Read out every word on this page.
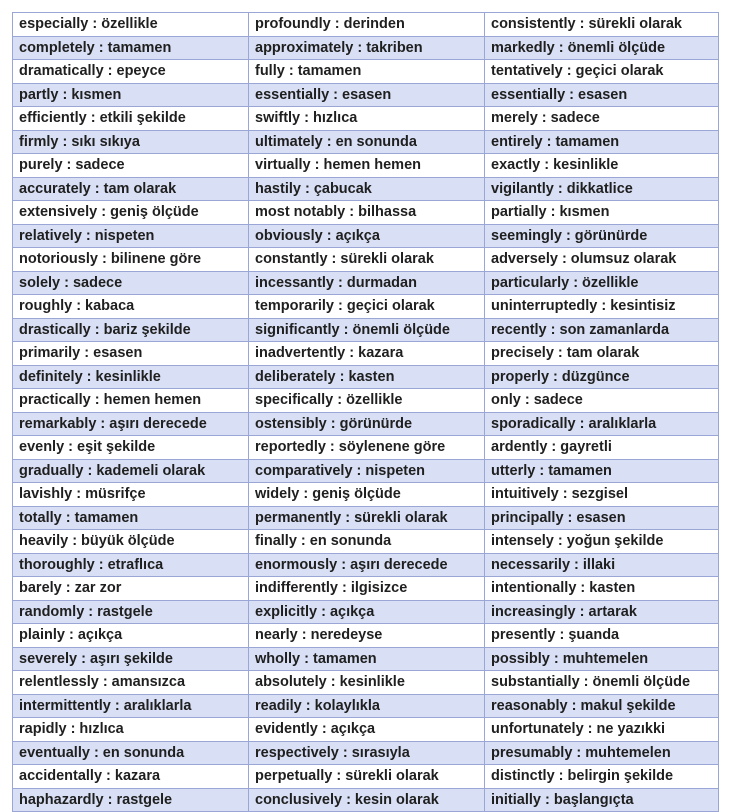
especially : özellikle	profoundly : derinden	consistently : sürekli olarak
completely : tamamen	approximately : takriben	markedly : önemli ölçüde
dramatically : epeyce	fully : tamamen	tentatively : geçici olarak
partly : kısmen	essentially : esasen	essentially : esasen
efficiently : etkili şekilde	swiftly : hızlıca	merely : sadece
firmly : sıkı sıkıya	ultimately : en sonunda	entirely : tamamen
purely : sadece	virtually : hemen hemen	exactly : kesinlikle
accurately : tam olarak	hastily : çabucak	vigilantly : dikkatlice
extensively : geniş ölçüde	most notably : bilhassa	partially : kısmen
relatively : nispeten	obviously : açıkça	seemingly : görünürde
notoriously : bilinene göre	constantly : sürekli olarak	adversely : olumsuz olarak
solely : sadece	incessantly : durmadan	particularly : özellikle
roughly : kabaca	temporarily : geçici olarak	uninterruptedly : kesintisiz
drastically : bariz şekilde	significantly : önemli ölçüde	recently : son zamanlarda
primarily : esasen	inadvertently : kazara	precisely : tam olarak
definitely : kesinlikle	deliberately : kasten	properly : düzgünce
practically : hemen hemen	specifically : özellikle	only : sadece
remarkably : aşırı derecede	ostensibly : görünürde	sporadically : aralıklarla
evenly : eşit şekilde	reportedly : söylenene göre	ardently : gayretli
gradually : kademeli olarak	comparatively : nispeten	utterly : tamamen
lavishly : müsrifçe	widely : geniş ölçüde	intuitively : sezgisel
totally : tamamen	permanently : sürekli olarak	principally : esasen
heavily : büyük ölçüde	finally : en sonunda	intensely : yoğun şekilde
thoroughly : etraflıca	enormously : aşırı derecede	necessarily : illaki
barely : zar zor	indifferently : ilgisizce	intentionally : kasten
randomly : rastgele	explicitly : açıkça	increasingly : artarak
plainly : açıkça	nearly : neredeyse	presently : şuanda
severely : aşırı şekilde	wholly : tamamen	possibly : muhtemelen
relentlessly : amansızca	absolutely : kesinlikle	substantially : önemli ölçüde
intermittently : aralıklarla	readily : kolaylıkla	reasonably : makul şekilde
rapidly : hızlıca	evidently : açıkça	unfortunately : ne yazıkki
eventually : en sonunda	respectively : sırasıyla	presumably : muhtemelen
accidentally : kazara	perpetually : sürekli olarak	distinctly : belirgin şekilde
haphazardly : rastgele	conclusively : kesin olarak	initially : başlangıçta
